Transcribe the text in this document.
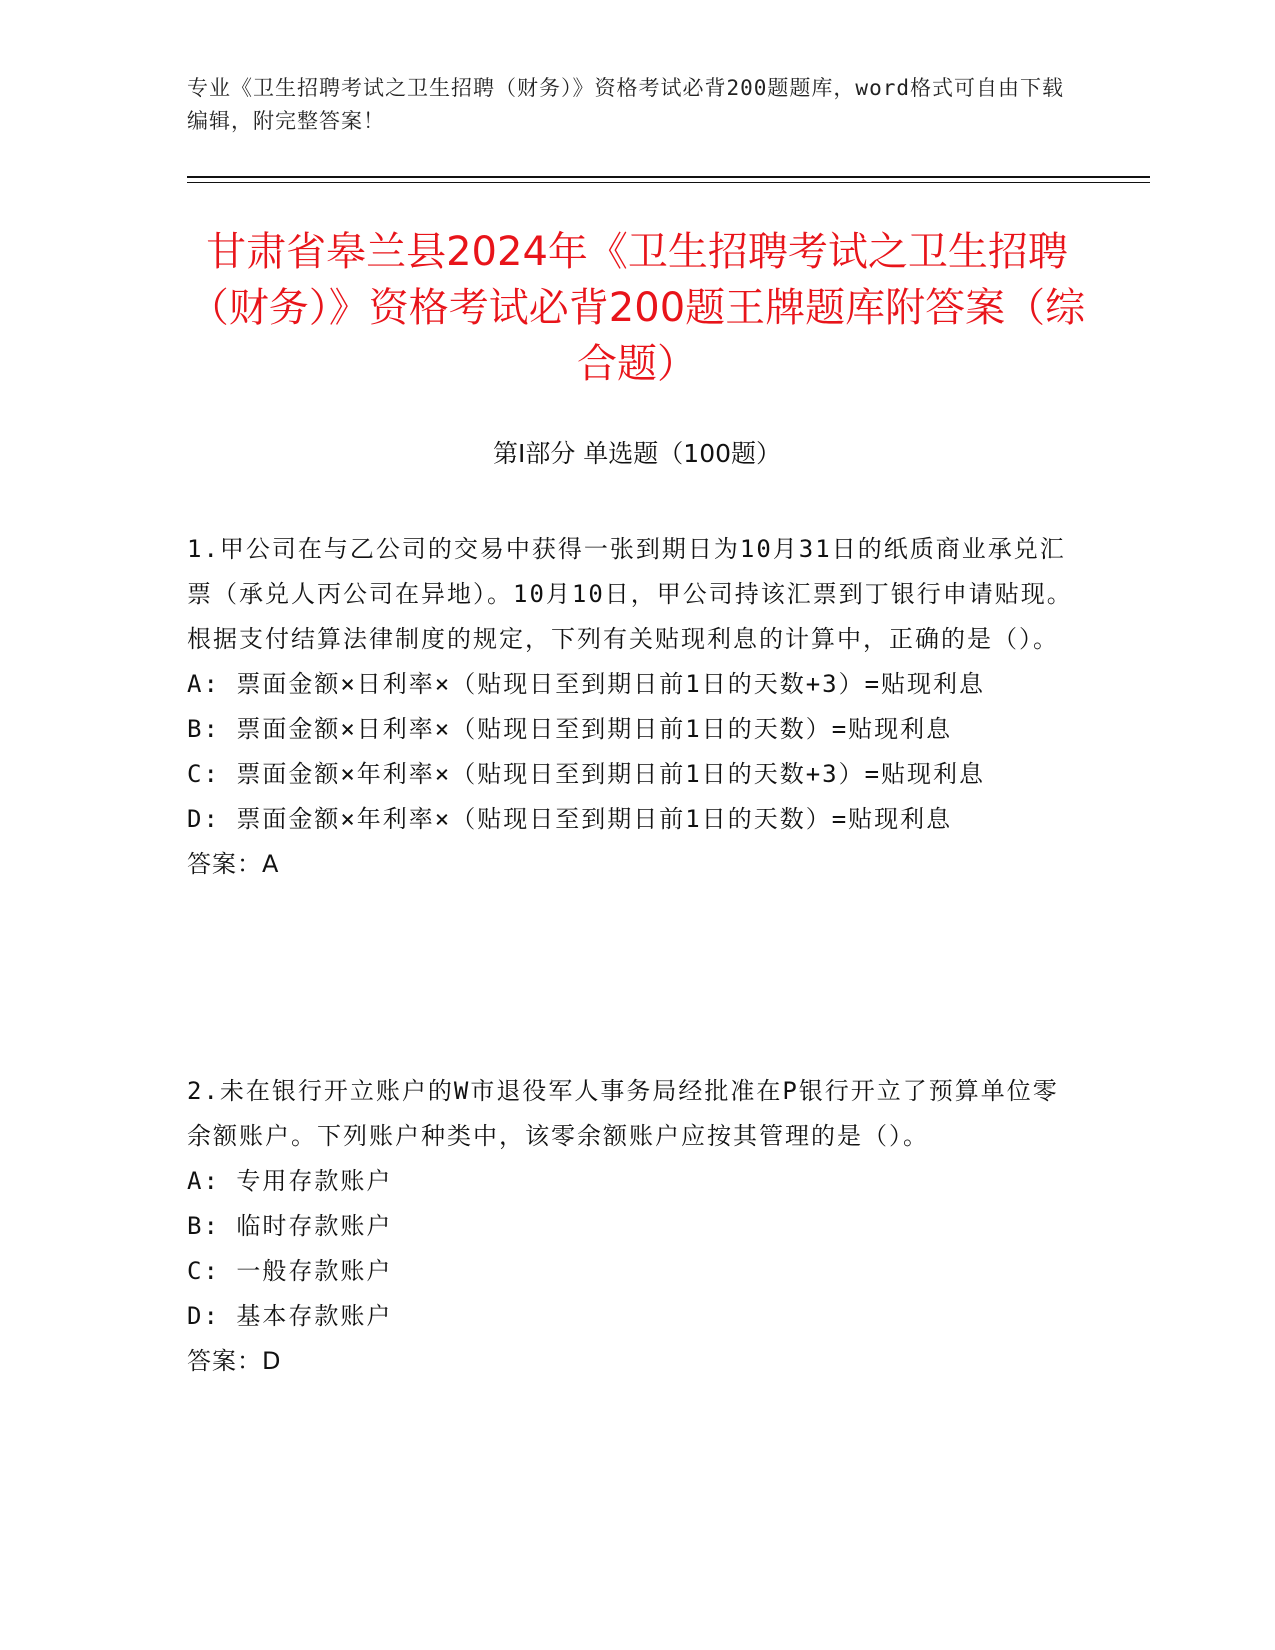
专业《卫生招聘考试之卫生招聘（财务）》资格考试必背200题题库，word格式可自由下载编辑，附完整答案！
甘肃省皋兰县2024年《卫生招聘考试之卫生招聘（财务）》资格考试必背200题王牌题库附答案（综合题）
第Ⅰ部分 单选题（100题）

1.甲公司在与乙公司的交易中获得一张到期日为10月31日的纸质商业承兑汇票（承兑人丙公司在异地）。10月10日，甲公司持该汇票到丁银行申请贴现。根据支付结算法律制度的规定，下列有关贴现利息的计算中，正确的是（）。

A: 票面金额×日利率×（贴现日至到期日前1日的天数+3）=贴现利息

B: 票面金额×日利率×（贴现日至到期日前1日的天数）=贴现利息

C: 票面金额×年利率×（贴现日至到期日前1日的天数+3）=贴现利息

D: 票面金额×年利率×（贴现日至到期日前1日的天数）=贴现利息

答案：A

2.未在银行开立账户的W市退役军人事务局经批准在P银行开立了预算单位零余额账户。下列账户种类中，该零余额账户应按其管理的是（）。

A: 专用存款账户

B: 临时存款账户

C: 一般存款账户

D: 基本存款账户

答案：D
